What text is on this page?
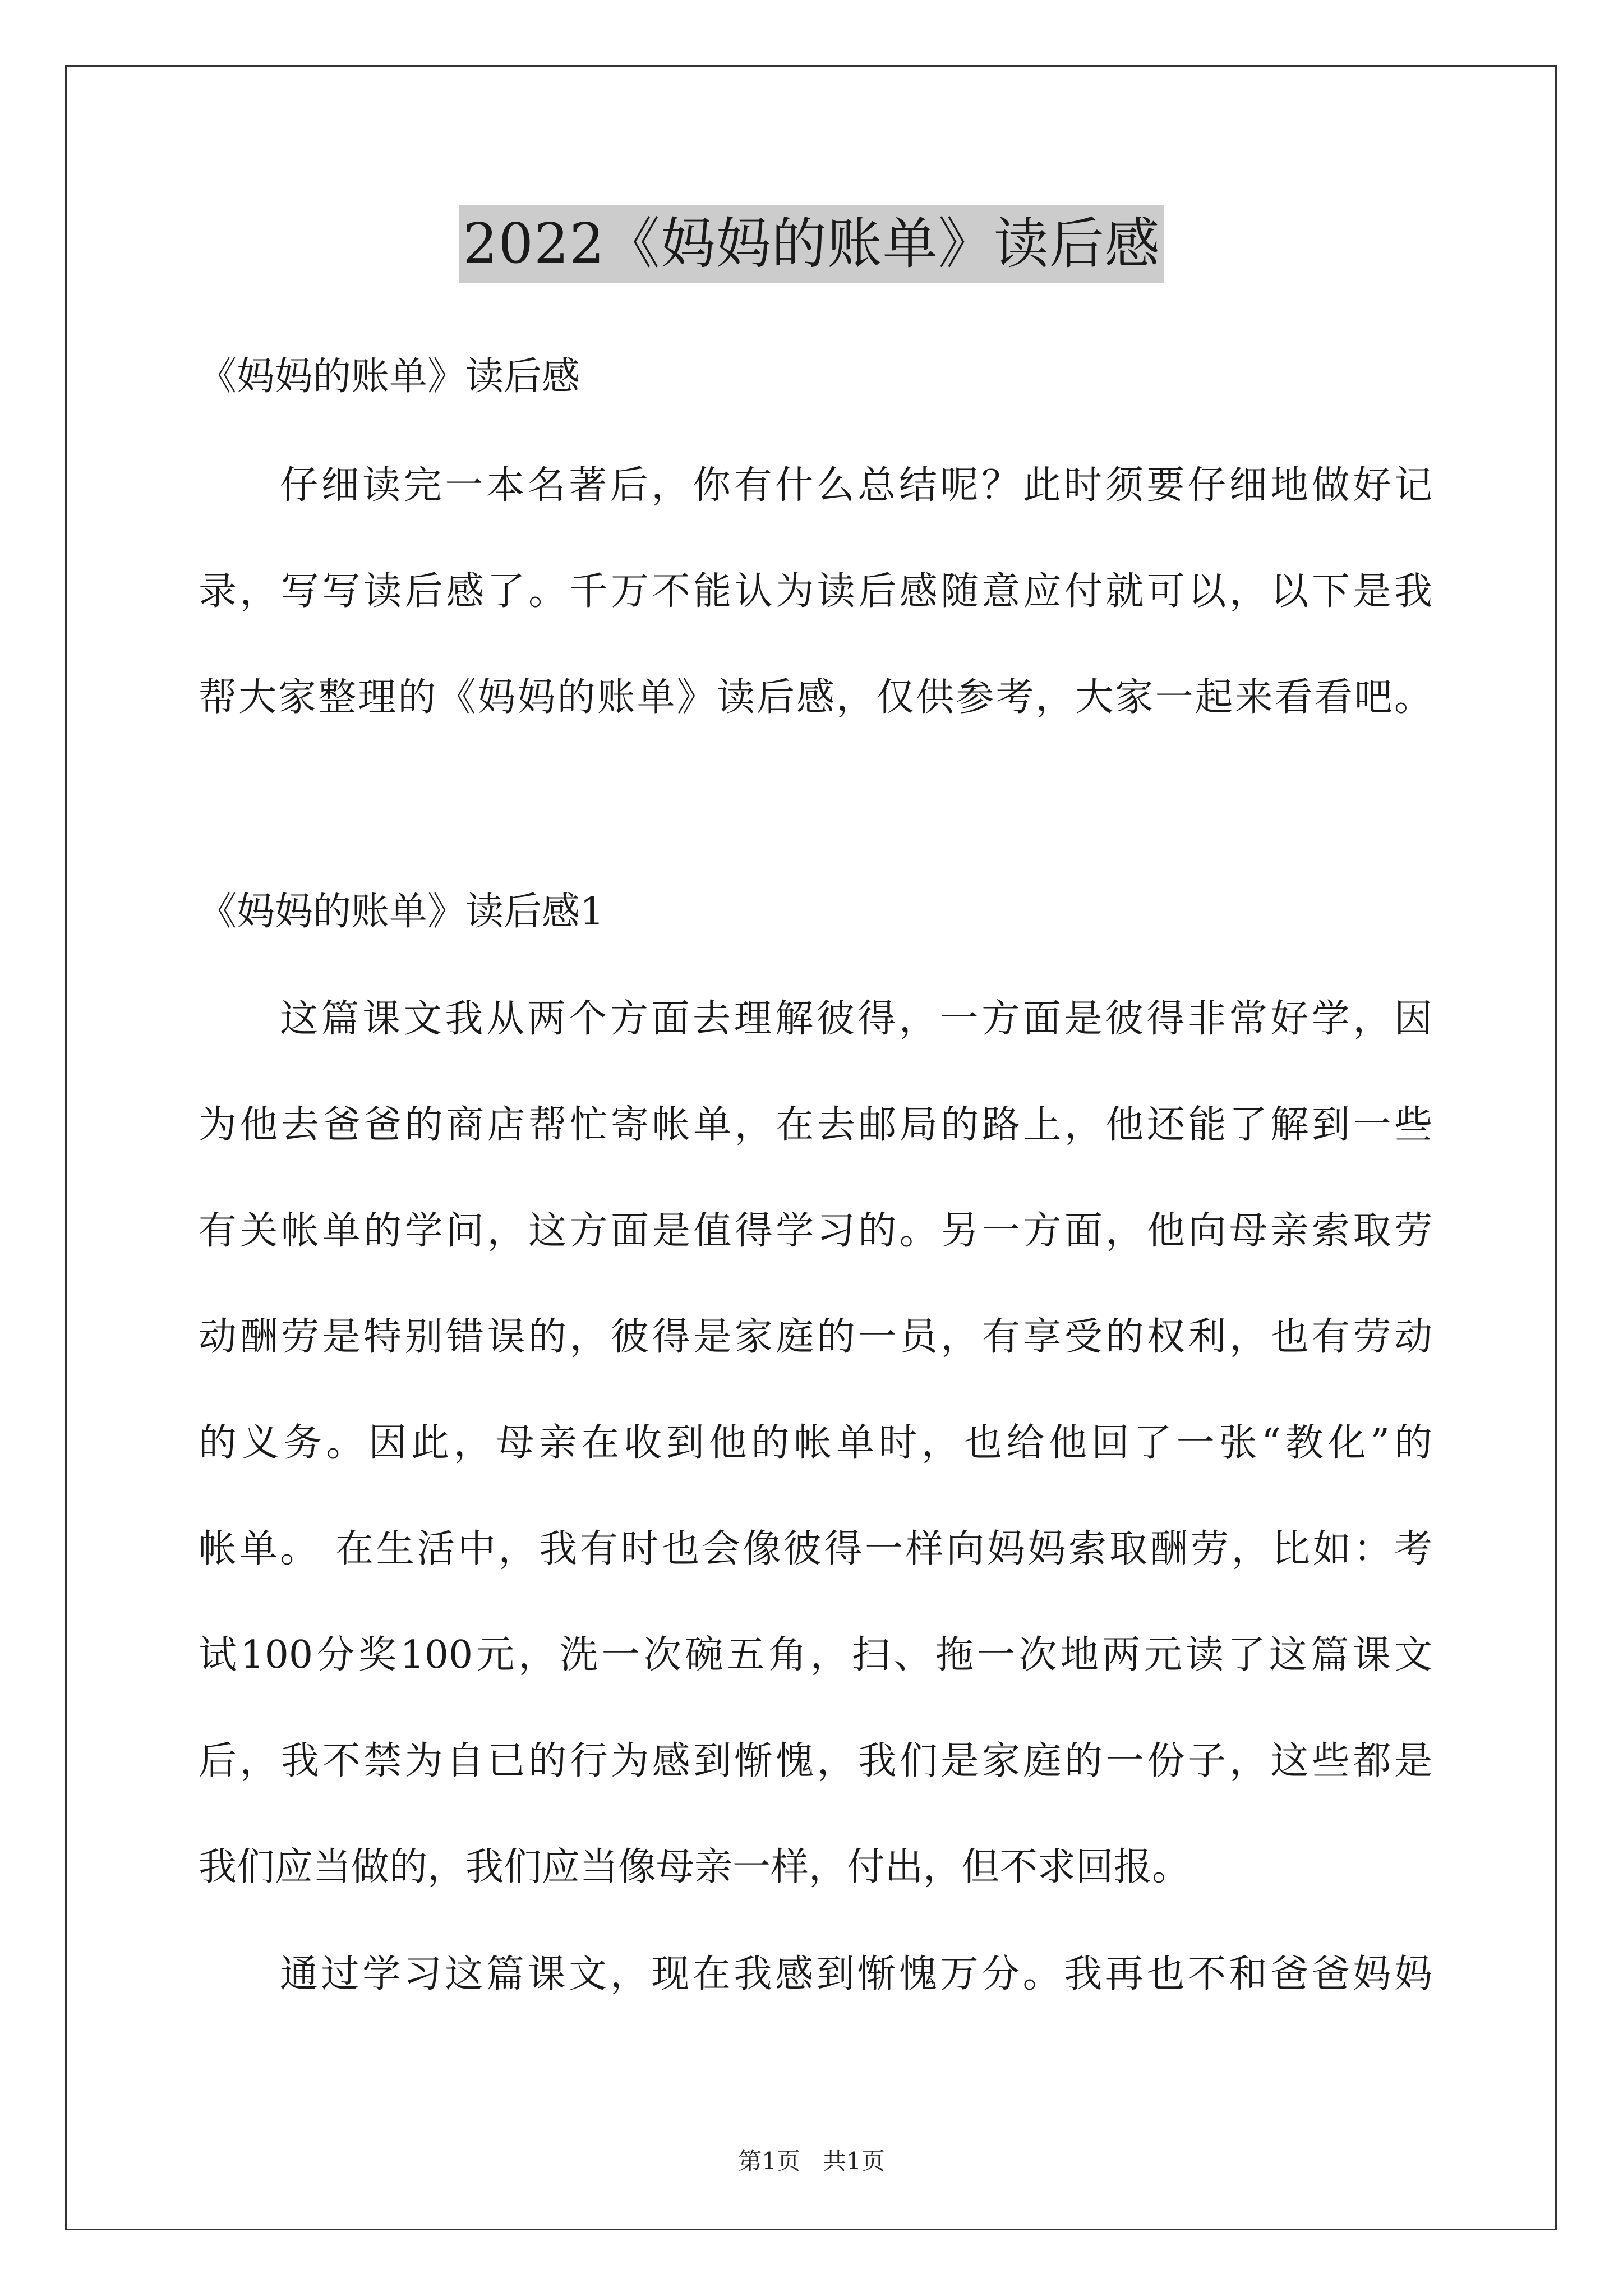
2022《妈妈的账单》读后感
《妈妈的账单》读后感
仔细读完一本名著后，你有什么总结呢？此时须要仔细地做好记
录，写写读后感了。千万不能认为读后感随意应付就可以，以下是我
帮大家整理的《妈妈的账单》读后感，仅供参考，大家一起来看看吧。
《妈妈的账单》读后感1
这篇课文我从两个方面去理解彼得，一方面是彼得非常好学，因
为他去爸爸的商店帮忙寄帐单，在去邮局的路上，他还能了解到一些
有关帐单的学问，这方面是值得学习的。另一方面，他向母亲索取劳
动酬劳是特别错误的，彼得是家庭的一员，有享受的权利，也有劳动
的义务。因此，母亲在收到他的帐单时，也给他回了一张“教化”的
帐单。 在生活中，我有时也会像彼得一样向妈妈索取酬劳，比如：考
试100分奖100元，洗一次碗五角，扫、拖一次地两元读了这篇课文
后，我不禁为自已的行为感到惭愧，我们是家庭的一份子，这些都是
我们应当做的，我们应当像母亲一样，付出，但不求回报。
通过学习这篇课文，现在我感到惭愧万分。我再也不和爸爸妈妈
第1页   共1页
